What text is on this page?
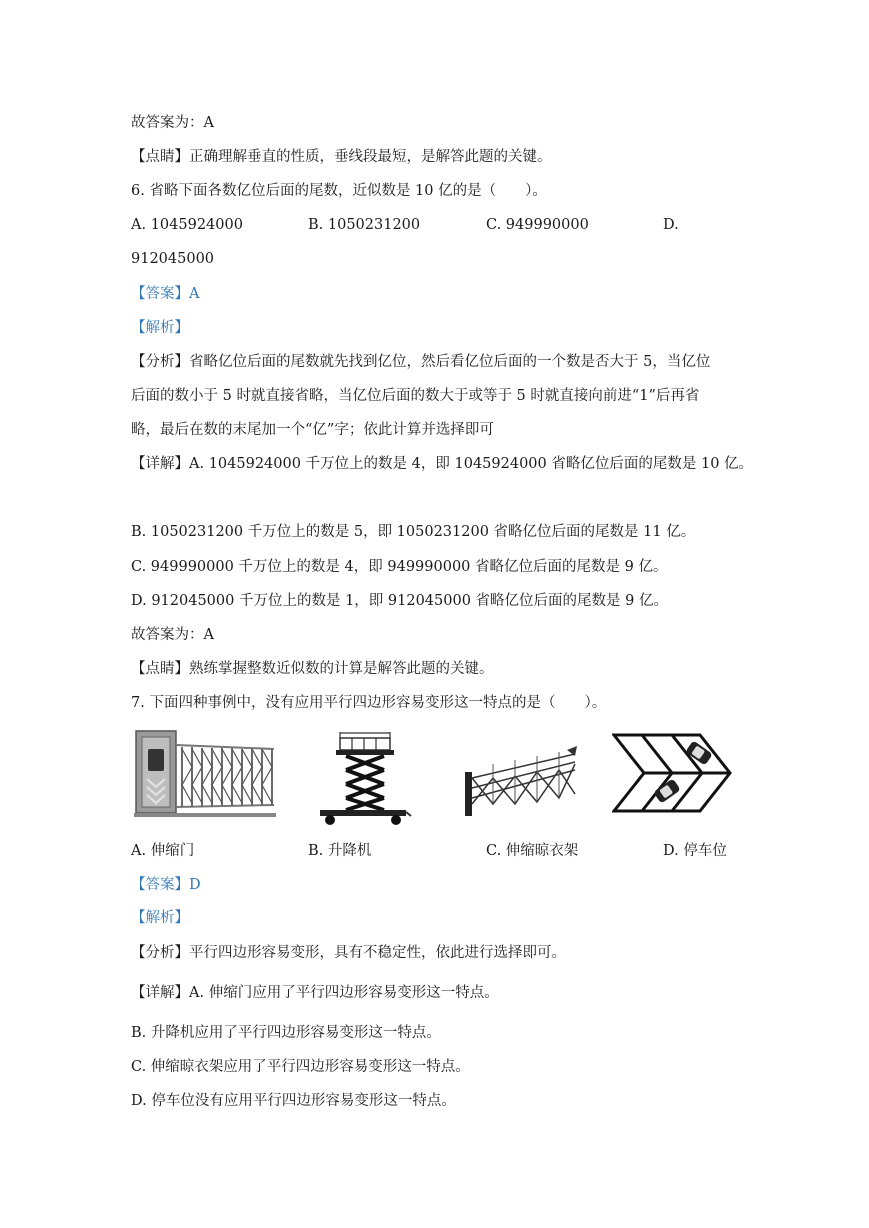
故答案为：A
【点睛】正确理解垂直的性质，垂线段最短，是解答此题的关键。
6. 省略下面各数亿位后面的尾数，近似数是 10 亿的是（　　）。
A. 1045924000	B. 1050231200	C. 949990000	D.
912045000
【答案】A
【解析】
【分析】省略亿位后面的尾数就先找到亿位，然后看亿位后面的一个数是否大于 5，当亿位
后面的数小于 5 时就直接省略，当亿位后面的数大于或等于 5 时就直接向前进“1”后再省
略，最后在数的末尾加一个“亿”字；依此计算并选择即可
【详解】A. 1045924000 千万位上的数是 4，即 1045924000 省略亿位后面的尾数是 10 亿。
B. 1050231200 千万位上的数是 5，即 1050231200 省略亿位后面的尾数是 11 亿。
C. 949990000 千万位上的数是 4，即 949990000 省略亿位后面的尾数是 9 亿。
D. 912045000 千万位上的数是 1，即 912045000 省略亿位后面的尾数是 9 亿。
故答案为：A
【点睛】熟练掌握整数近似数的计算是解答此题的关键。
7. 下面四种事例中，没有应用平行四边形容易变形这一特点的是（　　）。
A. 伸缩门	B. 升降机	C. 伸缩晾衣架	D. 停车位
【答案】D
【解析】
【分析】平行四边形容易变形，具有不稳定性，依此进行选择即可。
【详解】A. 伸缩门应用了平行四边形容易变形这一特点。
B. 升降机应用了平行四边形容易变形这一特点。
C. 伸缩晾衣架应用了平行四边形容易变形这一特点。
D. 停车位没有应用平行四边形容易变形这一特点。
